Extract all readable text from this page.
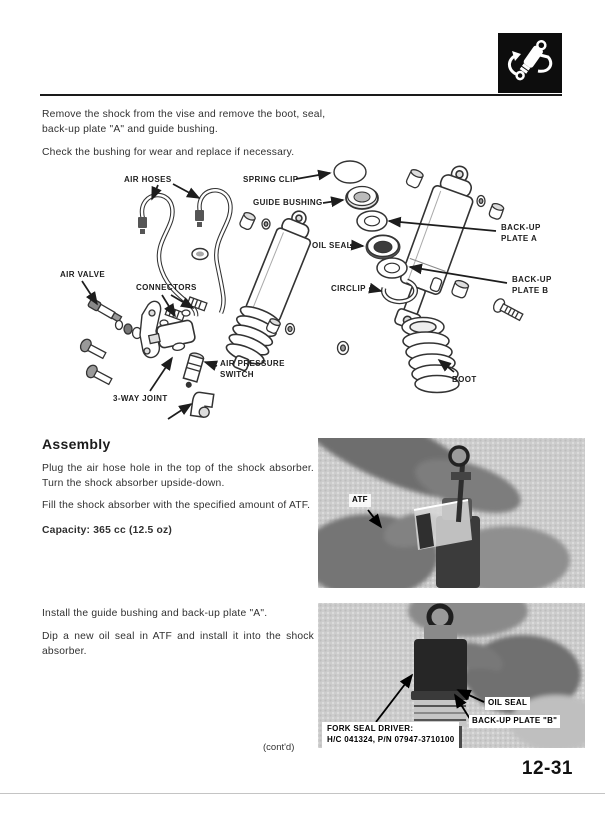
Remove the shock from the vise and remove the boot, seal, back-up plate "A" and guide bushing.
Check the bushing for wear and replace if necessary.
AIR HOSES	SPRING CLIP
GUIDE BUSHING
OIL SEAL
CIRCLIP
BACK-UP
PLATE A
BACK-UP
PLATE B
AIR VALVE
CONNECTORS
AIR PRESSURE
SWITCH
3-WAY JOINT
BOOT
Assembly
Plug the air hose hole in the top of the shock absorber. Turn the shock absorber upside-down.
Fill the shock absorber with the specified amount of ATF.
Capacity: 365 cc (12.5 oz)
ATF
Install the guide bushing and back-up plate "A".
Dip a new oil seal in ATF and install it into the shock absorber.
OIL SEAL
BACK-UP PLATE "B"
FORK SEAL DRIVER:
H/C 041324, P/N 07947-3710100
(cont'd)
12-31
